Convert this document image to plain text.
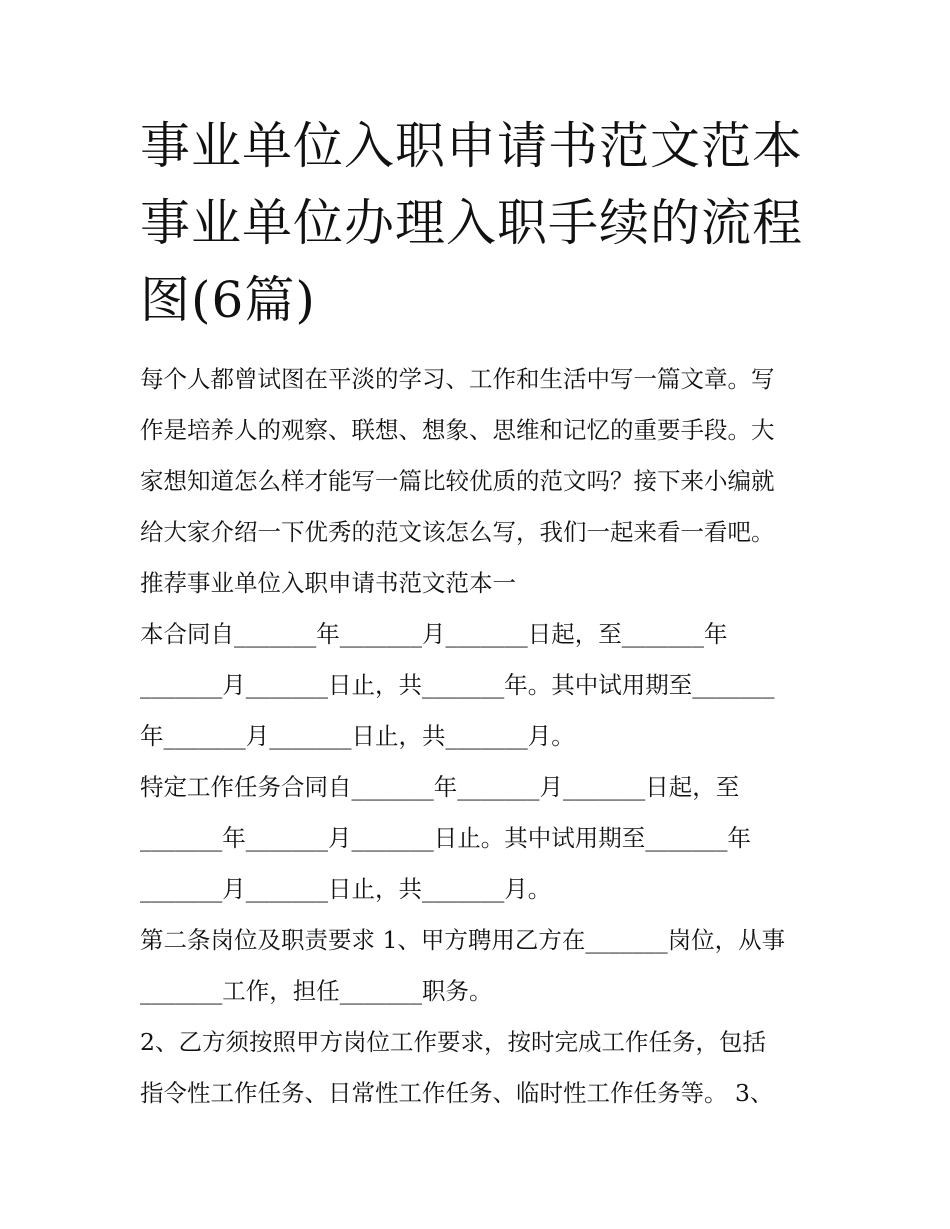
事业单位入职申请书范文范本
事业单位办理入职手续的流程
图(6篇)
每个人都曾试图在平淡的学习、工作和生活中写一篇文章。写
作是培养人的观察、联想、想象、思维和记忆的重要手段。大
家想知道怎么样才能写一篇比较优质的范文吗？接下来小编就
给大家介绍一下优秀的范文该怎么写，我们一起来看一看吧。
推荐事业单位入职申请书范文范本一
本合同自_______年_______月_______日起，至_______年
_______月_______日止，共_______年。其中试用期至_______
年_______月_______日止，共_______月。
特定工作任务合同自_______年_______月_______日起，至
_______年_______月_______日止。其中试用期至_______年
_______月_______日止，共_______月。
第二条岗位及职责要求 1、甲方聘用乙方在_______岗位，从事
_______工作，担任_______职务。
2、乙方须按照甲方岗位工作要求，按时完成工作任务，包括
指令性工作任务、日常性工作任务、临时性工作任务等。 3、
